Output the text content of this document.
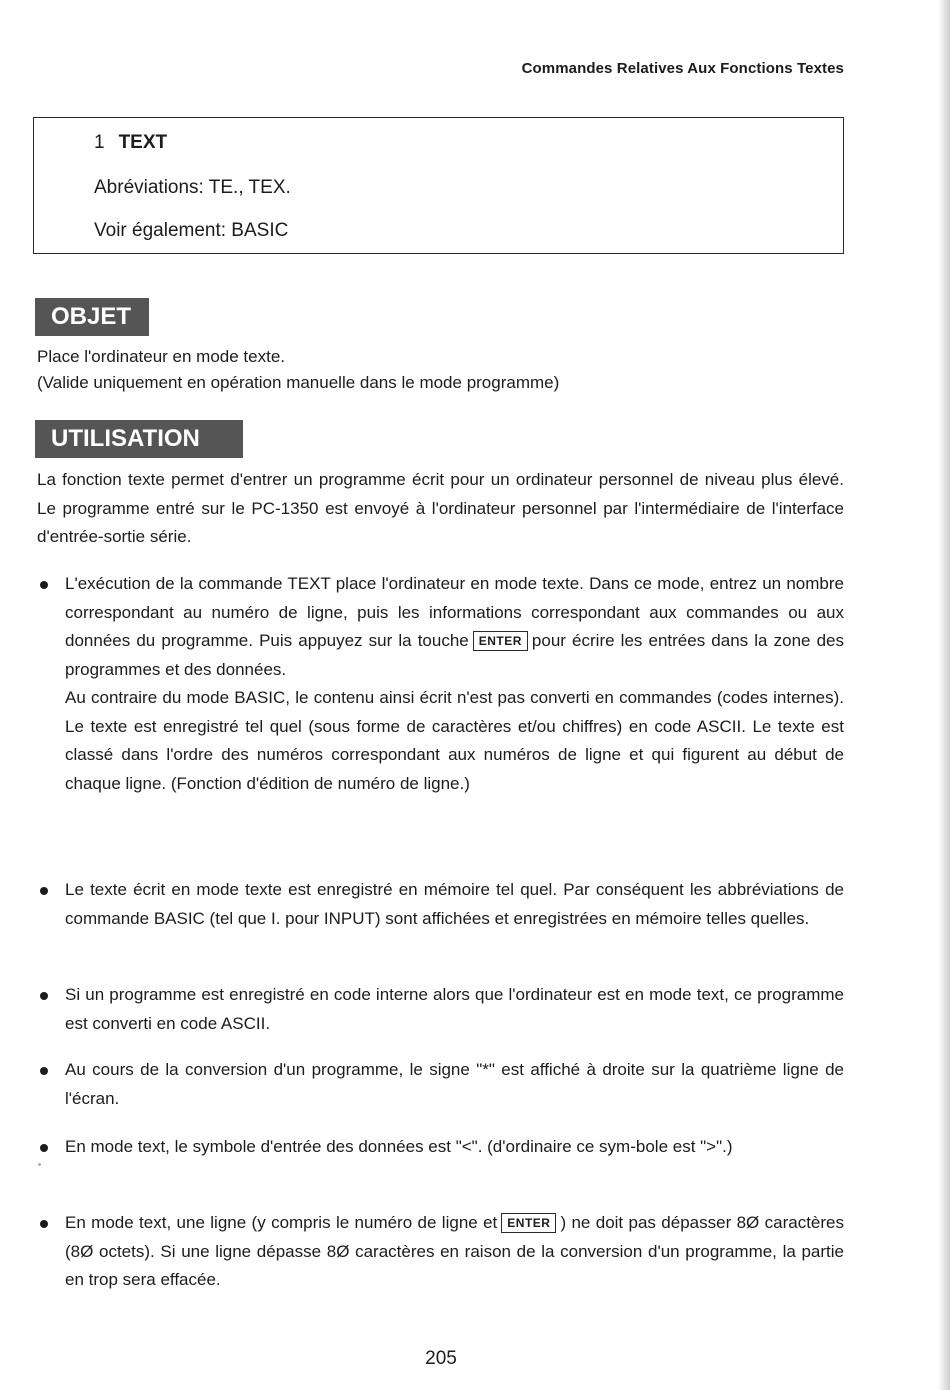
Commandes Relatives Aux Fonctions Textes
1 TEXT
Abréviations: TE., TEX.
Voir également: BASIC
OBJET
Place l'ordinateur en mode texte.
(Valide uniquement en opération manuelle dans le mode programme)
UTILISATION
La fonction texte permet d'entrer un programme écrit pour un ordinateur personnel de niveau plus élevé. Le programme entré sur le PC-1350 est envoyé à l'ordinateur personnel par l'intermédiaire de l'interface d'entrée-sortie série.
L'exécution de la commande TEXT place l'ordinateur en mode texte. Dans ce mode, entrez un nombre correspondant au numéro de ligne, puis les informations correspondant aux commandes ou aux données du programme. Puis appuyez sur la touche ENTER pour écrire les entrées dans la zone des programmes et des données.
Au contraire du mode BASIC, le contenu ainsi écrit n'est pas converti en commandes (codes internes). Le texte est enregistré tel quel (sous forme de caractères et/ou chiffres) en code ASCII. Le texte est classé dans l'ordre des numéros correspondant aux numéros de ligne et qui figurent au début de chaque ligne. (Fonction d'édition de numéro de ligne.)
Le texte écrit en mode texte est enregistré en mémoire tel quel. Par conséquent les abbréviations de commande BASIC (tel que I. pour INPUT) sont affichées et enregistrées en mémoire telles quelles.
Si un programme est enregistré en code interne alors que l'ordinateur est en mode text, ce programme est converti en code ASCII.
Au cours de la conversion d'un programme, le signe "*" est affiché à droite sur la quatrième ligne de l'écran.
En mode text, le symbole d'entrée des données est "<". (d'ordinaire ce sym-bole est ">".)
En mode text, une ligne (y compris le numéro de ligne et ENTER ) ne doit pas dépasser 8Ø caractères (8Ø octets). Si une ligne dépasse 8Ø caractères en raison de la conversion d'un programme, la partie en trop sera effacée.
205
